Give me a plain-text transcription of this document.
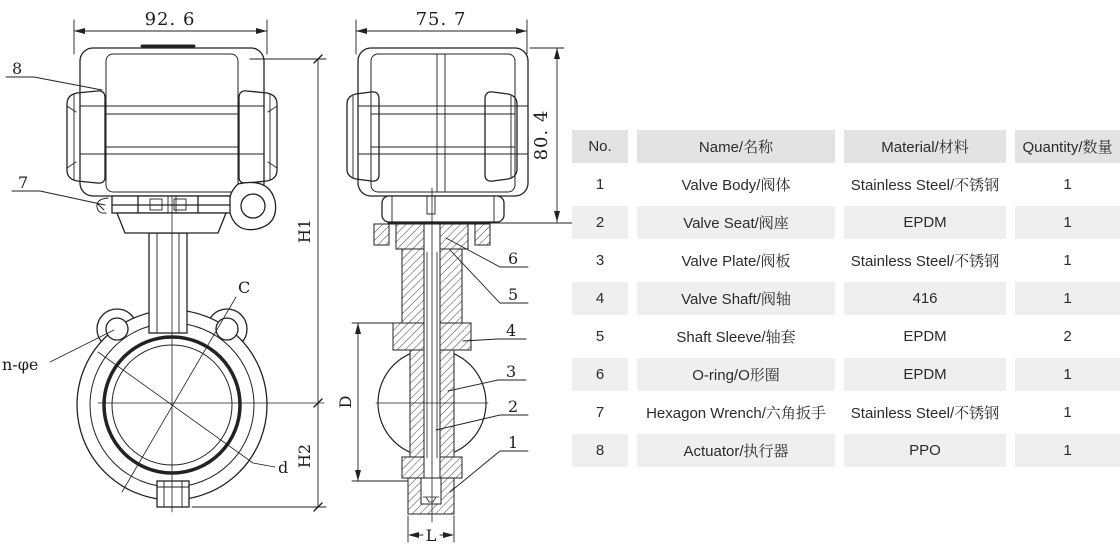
92. 6
C
d
n-φe
8
7
H1
H2
75. 7
80. 4
D
L
6
5
4
3
2
1
No.	Name/名称	Material/材料	Quantity/数量
1	Valve Body/阀体	Stainless Steel/不锈钢	1
2	Valve Seat/阀座	EPDM	1
3	Valve Plate/阀板	Stainless Steel/不锈钢	1
4	Valve Shaft/阀轴	416	1
5	Shaft Sleeve/轴套	EPDM	2
6	O-ring/O形圈	EPDM	1
7	Hexagon Wrench/六角扳手	Stainless Steel/不锈钢	1
8	Actuator/执行器	PPO	1
